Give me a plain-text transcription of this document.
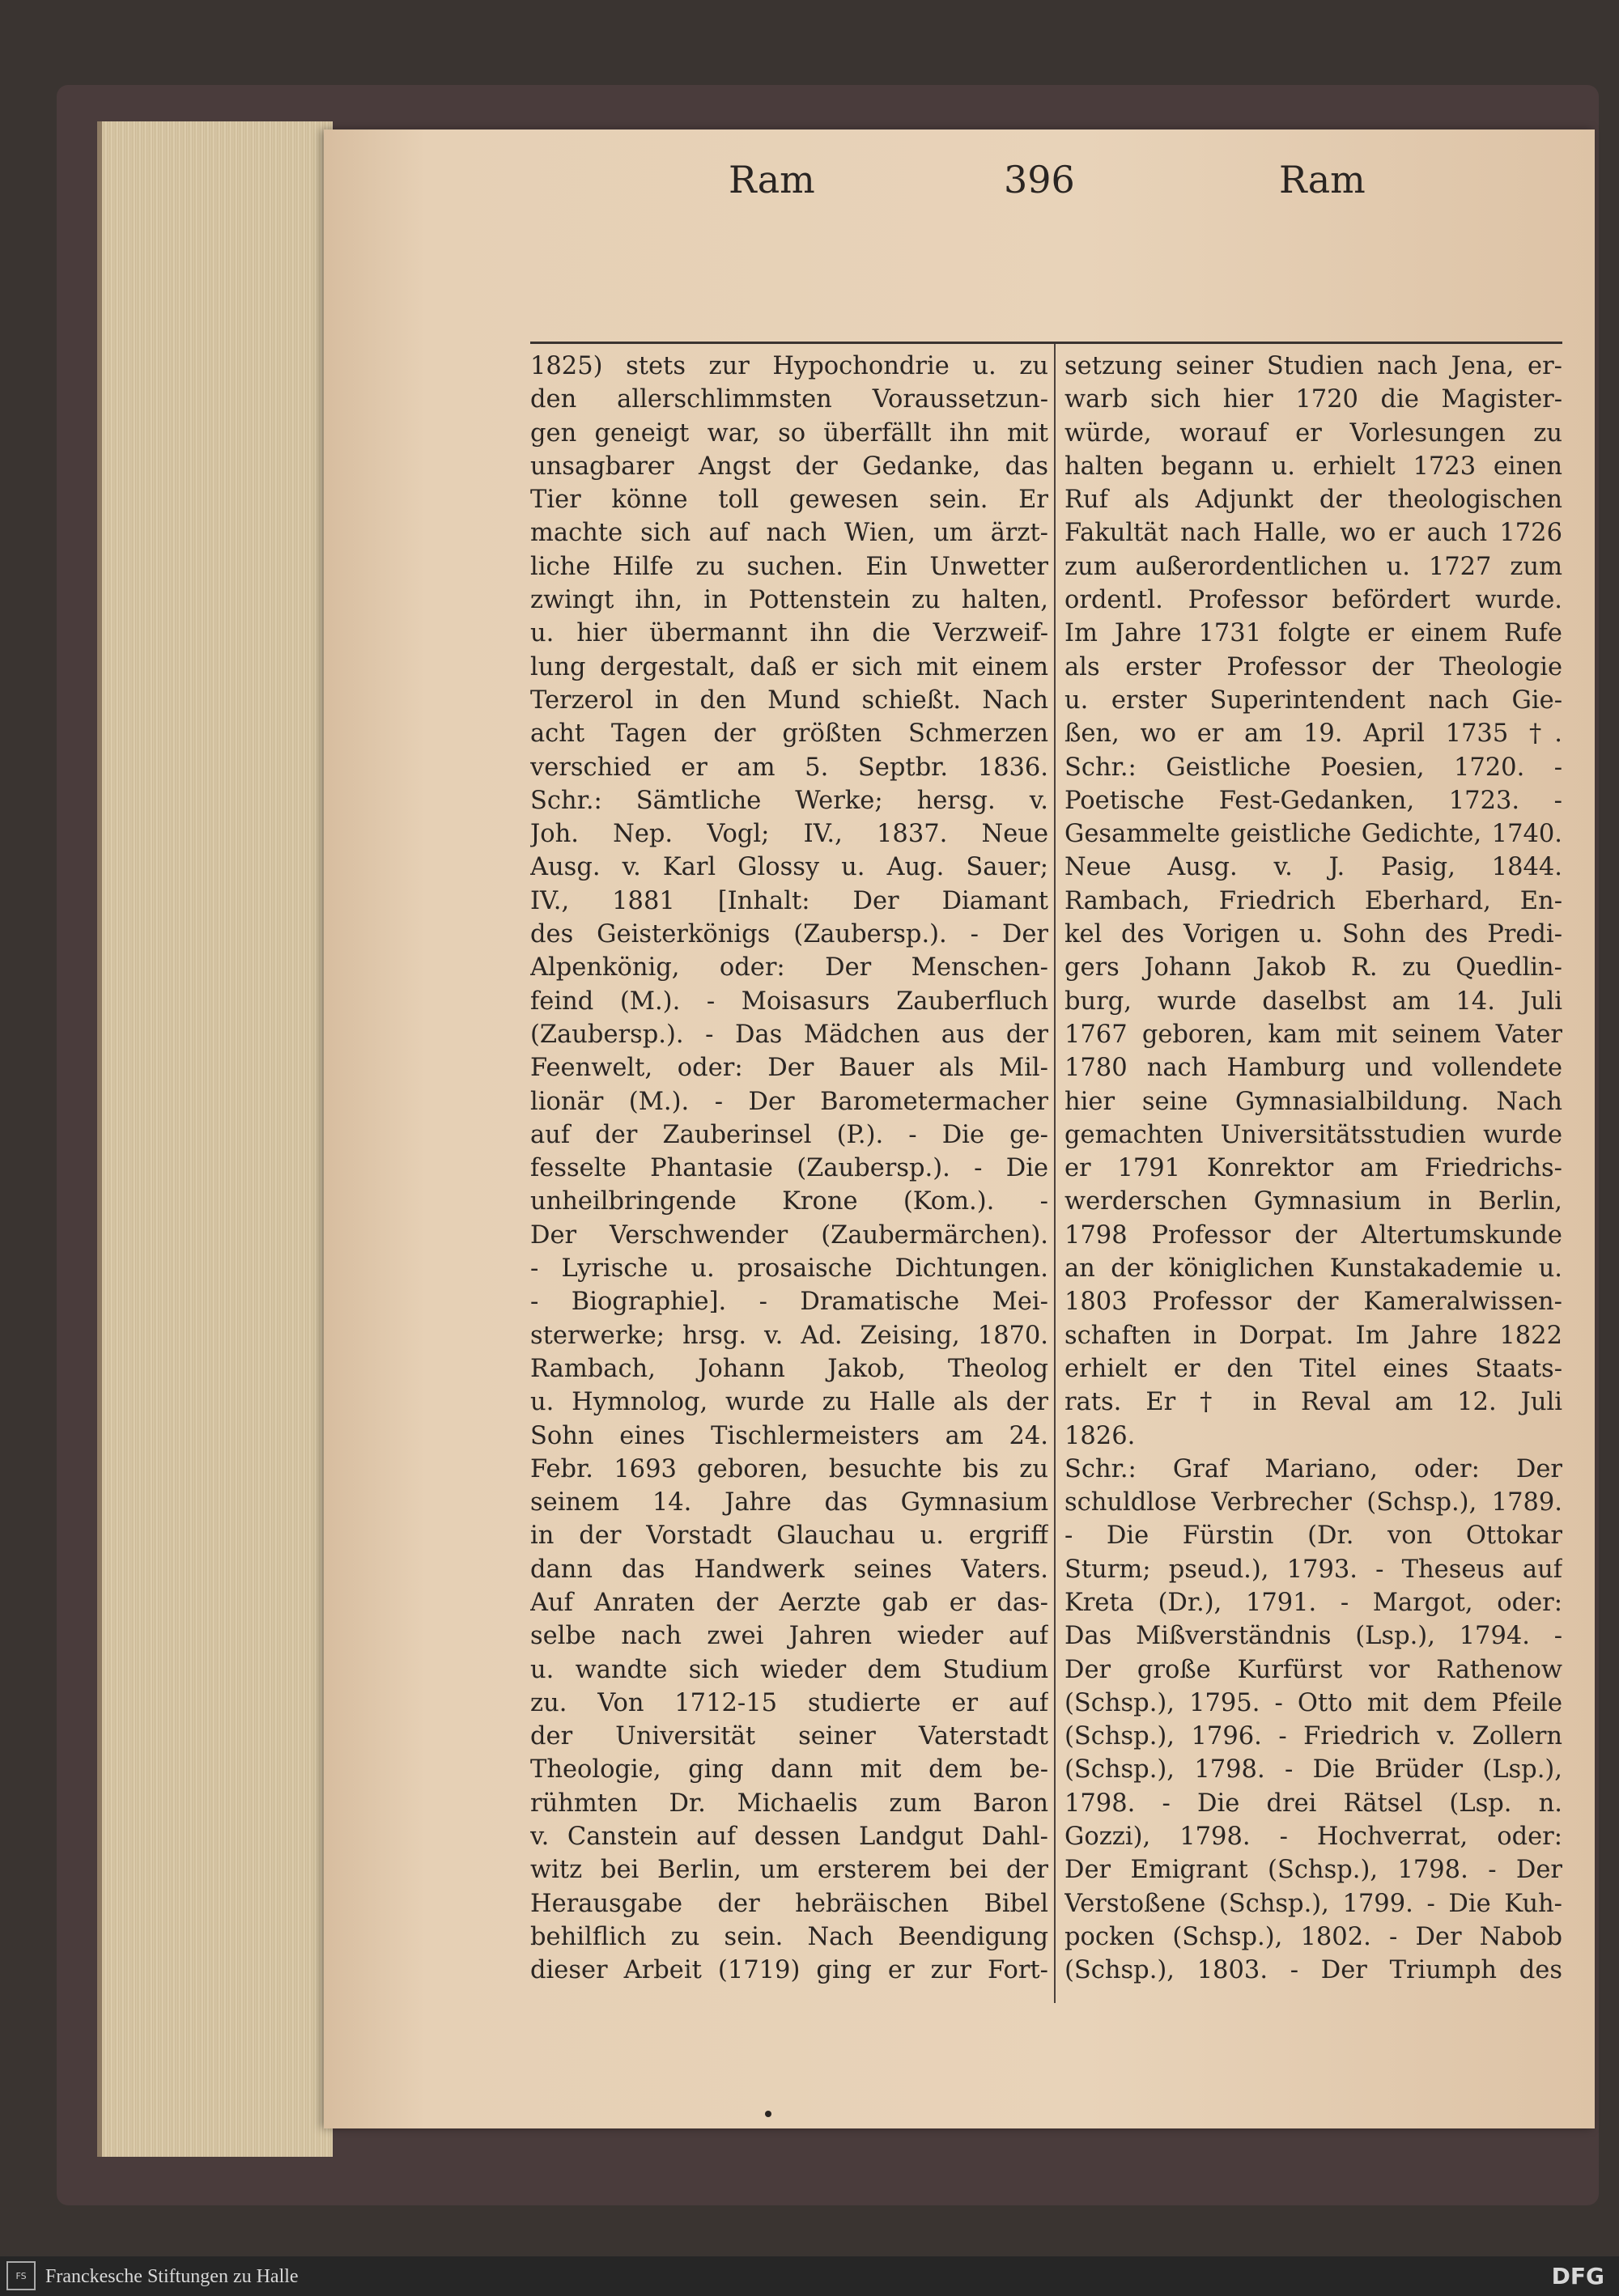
Ram	396	Ram

1825) stets zur Hypochondrie u. zu

den allerschlimmsten Voraussetzun-

gen geneigt war, so überfällt ihn mit

unsagbarer Angst der Gedanke, das

Tier könne toll gewesen sein. Er

machte sich auf nach Wien, um ärzt-

liche Hilfe zu suchen. Ein Unwetter

zwingt ihn, in Pottenstein zu halten,

u. hier übermannt ihn die Verzweif-

lung dergestalt, daß er sich mit einem

Terzerol in den Mund schießt. Nach

acht Tagen der größten Schmerzen

verschied er am 5. Septbr. 1836.

Schr.: Sämtliche Werke; hersg. v.

Joh. Nep. Vogl; IV., 1837. Neue

Ausg. v. Karl Glossy u. Aug. Sauer;

IV., 1881 [Inhalt: Der Diamant

des Geisterkönigs (Zaubersp.). - Der

Alpenkönig, oder: Der Menschen-

feind (M.). - Moisasurs Zauberfluch

(Zaubersp.). - Das Mädchen aus der

Feenwelt, oder: Der Bauer als Mil-

lionär (M.). - Der Barometermacher

auf der Zauberinsel (P.). - Die ge-

fesselte Phantasie (Zaubersp.). - Die

unheilbringende Krone (Kom.). -

Der Verschwender (Zaubermärchen).

- Lyrische u. prosaische Dichtungen.

- Biographie]. - Dramatische Mei-

sterwerke; hrsg. v. Ad. Zeising, 1870.

Rambach, Johann Jakob, Theolog

u. Hymnolog, wurde zu Halle als der

Sohn eines Tischlermeisters am 24.

Febr. 1693 geboren, besuchte bis zu

seinem 14. Jahre das Gymnasium

in der Vorstadt Glauchau u. ergriff

dann das Handwerk seines Vaters.

Auf Anraten der Aerzte gab er das-

selbe nach zwei Jahren wieder auf

u. wandte sich wieder dem Studium

zu. Von 1712-15 studierte er auf

der Universität seiner Vaterstadt

Theologie, ging dann mit dem be-

rühmten Dr. Michaelis zum Baron

v. Canstein auf dessen Landgut Dahl-

witz bei Berlin, um ersterem bei der

Herausgabe der hebräischen Bibel

behilflich zu sein. Nach Beendigung

dieser Arbeit (1719) ging er zur Fort-

setzung seiner Studien nach Jena, er-

warb sich hier 1720 die Magister-

würde, worauf er Vorlesungen zu

halten begann u. erhielt 1723 einen

Ruf als Adjunkt der theologischen

Fakultät nach Halle, wo er auch 1726

zum außerordentlichen u. 1727 zum

ordentl. Professor befördert wurde.

Im Jahre 1731 folgte er einem Rufe

als erster Professor der Theologie

u. erster Superintendent nach Gie-

ßen, wo er am 19. April 1735 †.

Schr.: Geistliche Poesien, 1720. -

Poetische Fest-Gedanken, 1723. -

Gesammelte geistliche Gedichte, 1740.

Neue Ausg. v. J. Pasig, 1844.

Rambach, Friedrich Eberhard, En-

kel des Vorigen u. Sohn des Predi-

gers Johann Jakob R. zu Quedlin-

burg, wurde daselbst am 14. Juli

1767 geboren, kam mit seinem Vater

1780 nach Hamburg und vollendete

hier seine Gymnasialbildung. Nach

gemachten Universitätsstudien wurde

er 1791 Konrektor am Friedrichs-

werderschen Gymnasium in Berlin,

1798 Professor der Altertumskunde

an der königlichen Kunstakademie u.

1803 Professor der Kameralwissen-

schaften in Dorpat. Im Jahre 1822

erhielt er den Titel eines Staats-

rats. Er † in Reval am 12. Juli

1826.

Schr.: Graf Mariano, oder: Der

schuldlose Verbrecher (Schsp.), 1789.

- Die Fürstin (Dr. von Ottokar

Sturm; pseud.), 1793. - Theseus auf

Kreta (Dr.), 1791. - Margot, oder:

Das Mißverständnis (Lsp.), 1794. -

Der große Kurfürst vor Rathenow

(Schsp.), 1795. - Otto mit dem Pfeile

(Schsp.), 1796. - Friedrich v. Zollern

(Schsp.), 1798. - Die Brüder (Lsp.),

1798. - Die drei Rätsel (Lsp. n.

Gozzi), 1798. - Hochverrat, oder:

Der Emigrant (Schsp.), 1798. - Der

Verstoßene (Schsp.), 1799. - Die Kuh-

pocken (Schsp.), 1802. - Der Nabob

(Schsp.), 1803. - Der Triumph des

FS Franckesche Stiftungen zu Halle	DFG
